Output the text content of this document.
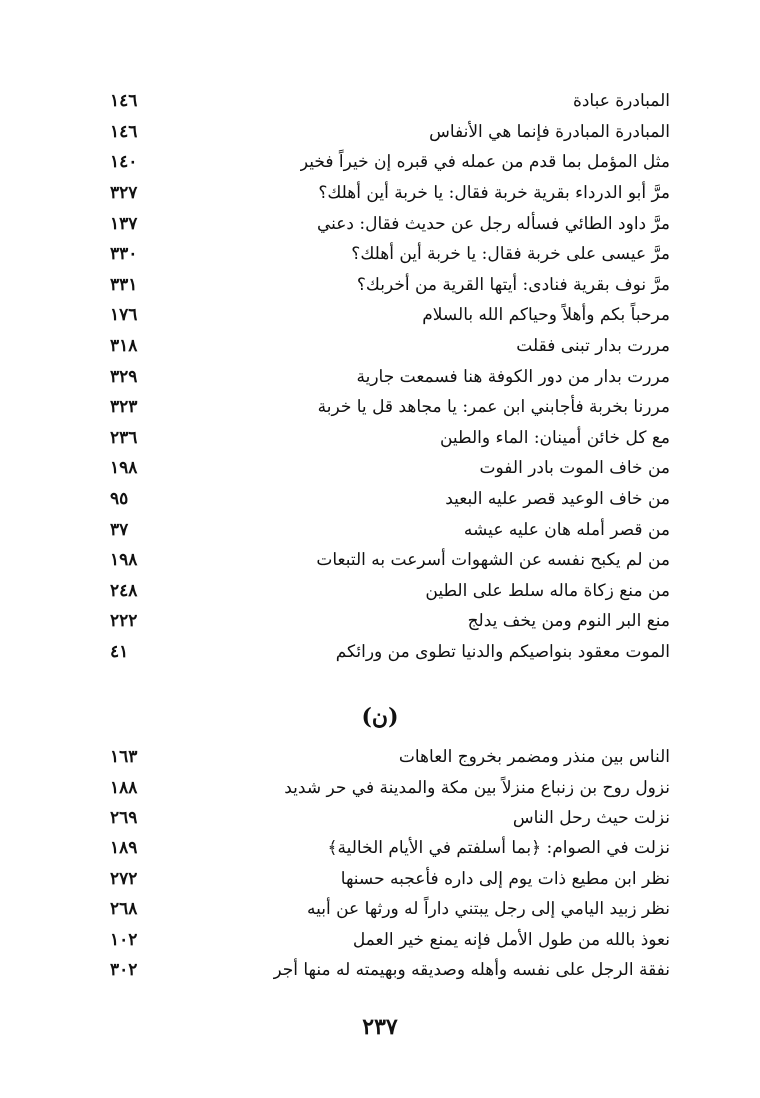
المبادرة عبادة
١٤٦
المبادرة المبادرة فإنما هي الأنفاس
١٤٦
مثل المؤمل بما قدم من عمله في قبره إن خيراً فخير
١٤٠
مرَّ أبو الدرداء بقرية خربة فقال: يا خربة أين أهلك؟
٣٢٧
مرَّ داود الطائي فسأله رجل عن حديث فقال: دعني
١٣٧
مرَّ عيسى على خربة فقال: يا خربة أين أهلك؟
٣٣٠
مرَّ نوف بقرية فنادى: أيتها القرية من أخربك؟
٣٣١
مرحباً بكم وأهلاً وحياكم الله بالسلام
١٧٦
مررت بدار تبنى فقلت
٣١٨
مررت بدار من دور الكوفة هنا فسمعت جارية
٣٢٩
مررنا بخربة فأجابني ابن عمر: يا مجاهد قل يا خربة
٣٢٣
مع كل خائن أمينان: الماء والطين
٢٣٦
من خاف الموت بادر الفوت
١٩٨
من خاف الوعيد قصر عليه البعيد
٩٥
من قصر أمله هان عليه عيشه
٣٧
من لم يكبح نفسه عن الشهوات أسرعت به التبعات
١٩٨
من منع زكاة ماله سلط على الطين
٢٤٨
منع البر النوم ومن يخف يدلج
٢٢٢
الموت معقود بنواصيكم والدنيا تطوى من ورائكم
٤١
(ن)
الناس بين منذر ومضمر بخروج العاهات
١٦٣
نزول روح بن زنباع منزلاً بين مكة والمدينة في حر شديد
١٨٨
نزلت حيث رحل الناس
٢٦٩
نزلت في الصوام: ﴿بما أسلفتم في الأيام الخالية﴾
١٨٩
نظر ابن مطيع ذات يوم إلى داره فأعجبه حسنها
٢٧٢
نظر زبيد اليامي إلى رجل يبتني داراً له ورثها عن أبيه
٢٦٨
نعوذ بالله من طول الأمل فإنه يمنع خير العمل
١٠٢
نفقة الرجل على نفسه وأهله وصديقه وبهيمته له منها أجر
٣٠٢
٢٣٧
